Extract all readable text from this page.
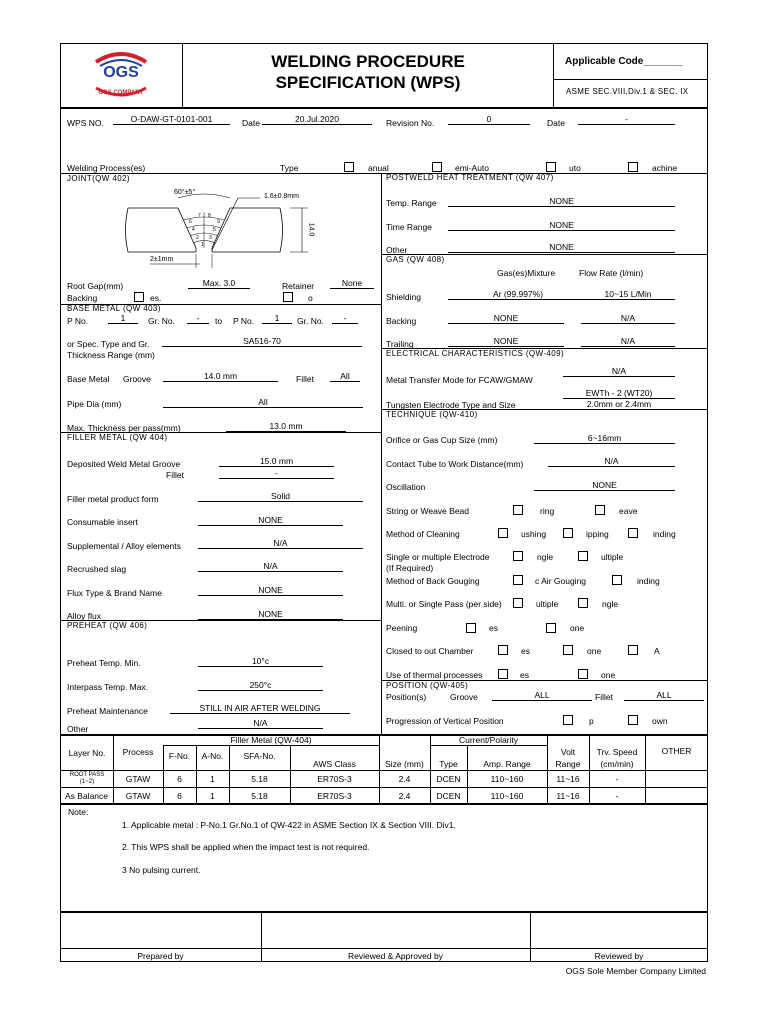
OGS
OGS COMPANY
WELDING PROCEDURE
SPECIFICATION (WPS)
Applicable Code_______
ASME SEC.VIII,Div.1 & SEC. IX
WPS NO.	O-DAW-GT-0101-001	Date	20.Jul.2020	Revision No.	0	Date	-
Welding Process(es)	Type	anual	emi-Auto	uto	achine
JOINT(QW 402)
60°±5°
1.6±0.8mm
14.0
2±1mm
1
2 3
4	5
6
7 8
9
Root Gap(mm)	Max. 3.0	Retainer	None
Backing	es.	o
BASE METAL (QW 403)
P No.	1	Gr. No.	-	to P No.	1	Gr. No.	-
or Spec. Type and Gr.	SA516-70
Thickness Range (mm)
Base Metal Groove	14.0 mm	Fillet	All
Pipe Dia (mm)	All
Max. Thickness per pass(mm)	13.0 mm
FILLER METAL (QW 404)
Deposited Weld Metal Groove	15.0 mm
Fillet	-
Filler metal product form	Solid
Consumable insert	NONE
Supplemental / Alloy elements	N/A
Recrushed slag	N/A
Flux Type & Brand Name	NONE
Alloy flux	NONE
PREHEAT (QW 406)
Preheat Temp. Min.	10°c
Interpass Temp. Max.	250°c
Preheat Maintenance	STILL IN AIR AFTER WELDING
Other
N/A
POSTWELD HEAT TREATMENT (QW 407)
Temp. Range	NONE
Time Range	NONE
Other	NONE
GAS (QW 408)
Gas(es)Mixture	Flow Rate (l/min)
Shielding	Ar (99.997%)	10~15 L/Min
Backing	NONE	N/A
Trailing	NONE	N/A
ELECTRICAL CHARACTERISTICS (QW-409)
Metal Transfer Mode for FCAW/GMAW
N/A
Tungsten Electrode Type and Size
EWTh - 2 (WT20)
2.0mm or 2.4mm
TECHNIQUE (QW-410)
Orifice or Gas Cup Size (mm)	6~16mm
Contact Tube to Work Distance(mm)	N/A
Oscillation	NONE
String or Weave Bead	ring	eave
Method of Cleaning	ushing	ipping	inding
Single or multiple Electrode
(If Required)
ngle	ultiple
Method of Back Gouging	c Air Gouging	inding
Multi. or Single Pass (per side)	ultiple	ngle
Peening	es	one
Closed to out Chamber	es	one	A
Use of thermal processes	es	one
POSITION (QW-405)
Position(s)	Groove	ALL	Fillet	ALL
Progression of Vertical Position	p	own
Filler Metal (QW-404)	Current/Polarity
Layer No.	Process	F-No.	A-No.	SFA-No.
AWS Class	Size (mm)	Type	Amp. Range
Volt Range
Trv. Speed (cm/min)
OTHER
ROOT PASS (1~2)	GTAW	6	1	5.18	ER70S-3	2.4	DCEN	110~160	11~16	-
As Balance	GTAW	6	1	5.18	ER70S-3	2.4	DCEN	110~160	11~16	-
Note:
1. Applicable metal : P-No.1 Gr.No.1 of QW-422 in ASME Section IX & Section VIII. Div1.
2. This WPS shall be applied when the impact test is not required.
3 No pulsing current.
Prepared by	Reviewed & Approved by	Reviewed by
OGS Sole Member Company Limited
